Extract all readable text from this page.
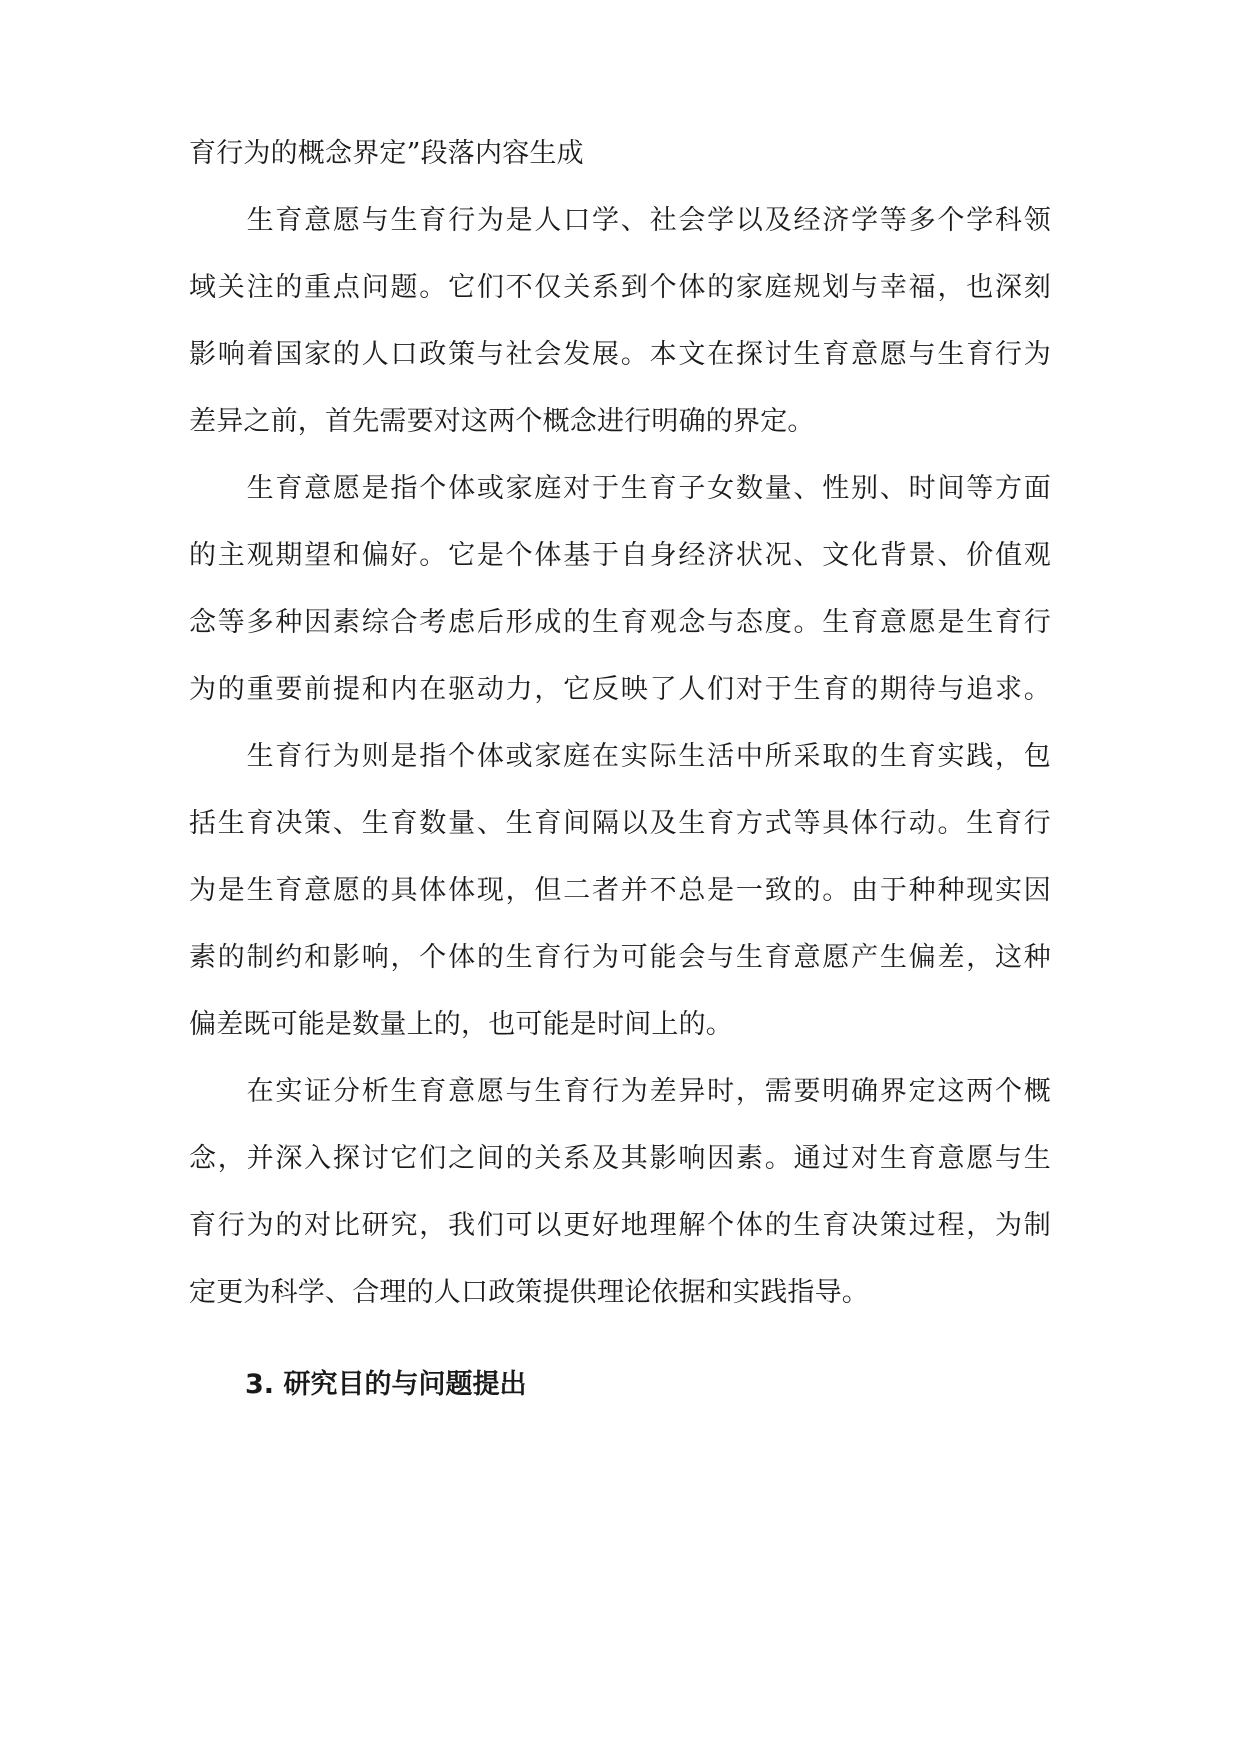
育行为的概念界定”段落内容生成
　　生育意愿与生育行为是人口学、社会学以及经济学等多个学科领
域关注的重点问题。它们不仅关系到个体的家庭规划与幸福，也深刻
影响着国家的人口政策与社会发展。本文在探讨生育意愿与生育行为
差异之前，首先需要对这两个概念进行明确的界定。
　　生育意愿是指个体或家庭对于生育子女数量、性别、时间等方面
的主观期望和偏好。它是个体基于自身经济状况、文化背景、价值观
念等多种因素综合考虑后形成的生育观念与态度。生育意愿是生育行
为的重要前提和内在驱动力，它反映了人们对于生育的期待与追求。
　　生育行为则是指个体或家庭在实际生活中所采取的生育实践，包
括生育决策、生育数量、生育间隔以及生育方式等具体行动。生育行
为是生育意愿的具体体现，但二者并不总是一致的。由于种种现实因
素的制约和影响，个体的生育行为可能会与生育意愿产生偏差，这种
偏差既可能是数量上的，也可能是时间上的。
　　在实证分析生育意愿与生育行为差异时，需要明确界定这两个概
念，并深入探讨它们之间的关系及其影响因素。通过对生育意愿与生
育行为的对比研究，我们可以更好地理解个体的生育决策过程，为制
定更为科学、合理的人口政策提供理论依据和实践指导。
3. 研究目的与问题提出
